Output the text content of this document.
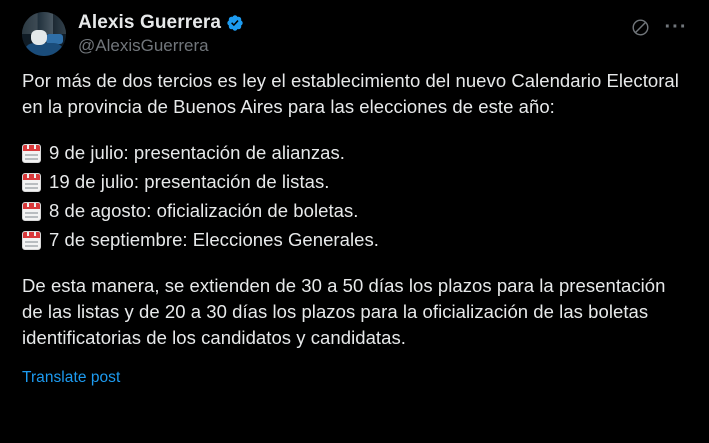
Alexis Guerrera
@AlexisGuerrera
···

Por más de dos tercios es ley el establecimiento del nuevo Calendario Electoral en la provincia de Buenos Aires para las elecciones de este año:

9 de julio: presentación de alianzas.
19 de julio: presentación de listas.
8 de agosto: oficialización de boletas.
7 de septiembre: Elecciones Generales.

De esta manera, se extienden de 30 a 50 días los plazos para la presentación de las listas y de 20 a 30 días los plazos para la oficialización de las boletas identificatorias de los candidatos y candidatas.

Translate post
